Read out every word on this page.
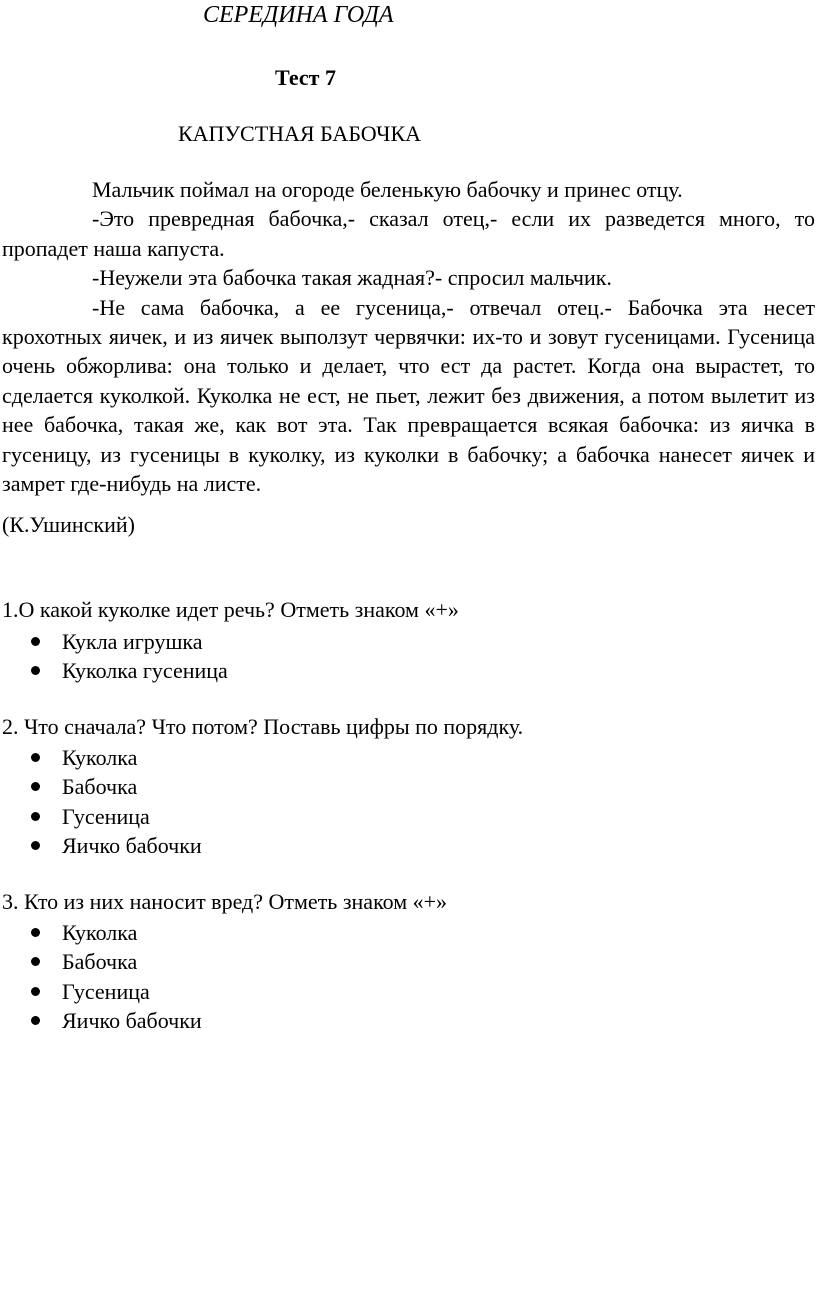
СЕРЕДИНА ГОДА
Тест 7
КАПУСТНАЯ БАБОЧКА

Мальчик поймал на огороде беленькую бабочку и принес отцу.

-Это превредная бабочка,- сказал отец,- если их разведется много, то пропадет наша капуста.

-Неужели эта бабочка такая жадная?- спросил мальчик.

-Не сама бабочка, а ее гусеница,- отвечал отец.- Бабочка эта несет крохотных яичек, и из яичек выползут червячки: их-то и зовут гусеницами. Гусеница очень обжорлива: она только и делает, что ест да растет. Когда она вырастет, то сделается куколкой. Куколка не ест, не пьет, лежит без движения, а потом вылетит из нее бабочка, такая же, как вот эта. Так превращается всякая бабочка: из яичка в гусеницу, из гусеницы в куколку, из куколки в бабочку; а бабочка нанесет яичек и замрет где-нибудь на листе.

(К.Ушинский)
1.О какой куколке идет речь? Отметь знаком «+»
Кукла игрушка
Куколка гусеница
2. Что сначала? Что потом? Поставь цифры по порядку.
Куколка
Бабочка
Гусеница
Яичко бабочки
3. Кто из них наносит вред? Отметь знаком «+»
Куколка
Бабочка
Гусеница
Яичко бабочки
